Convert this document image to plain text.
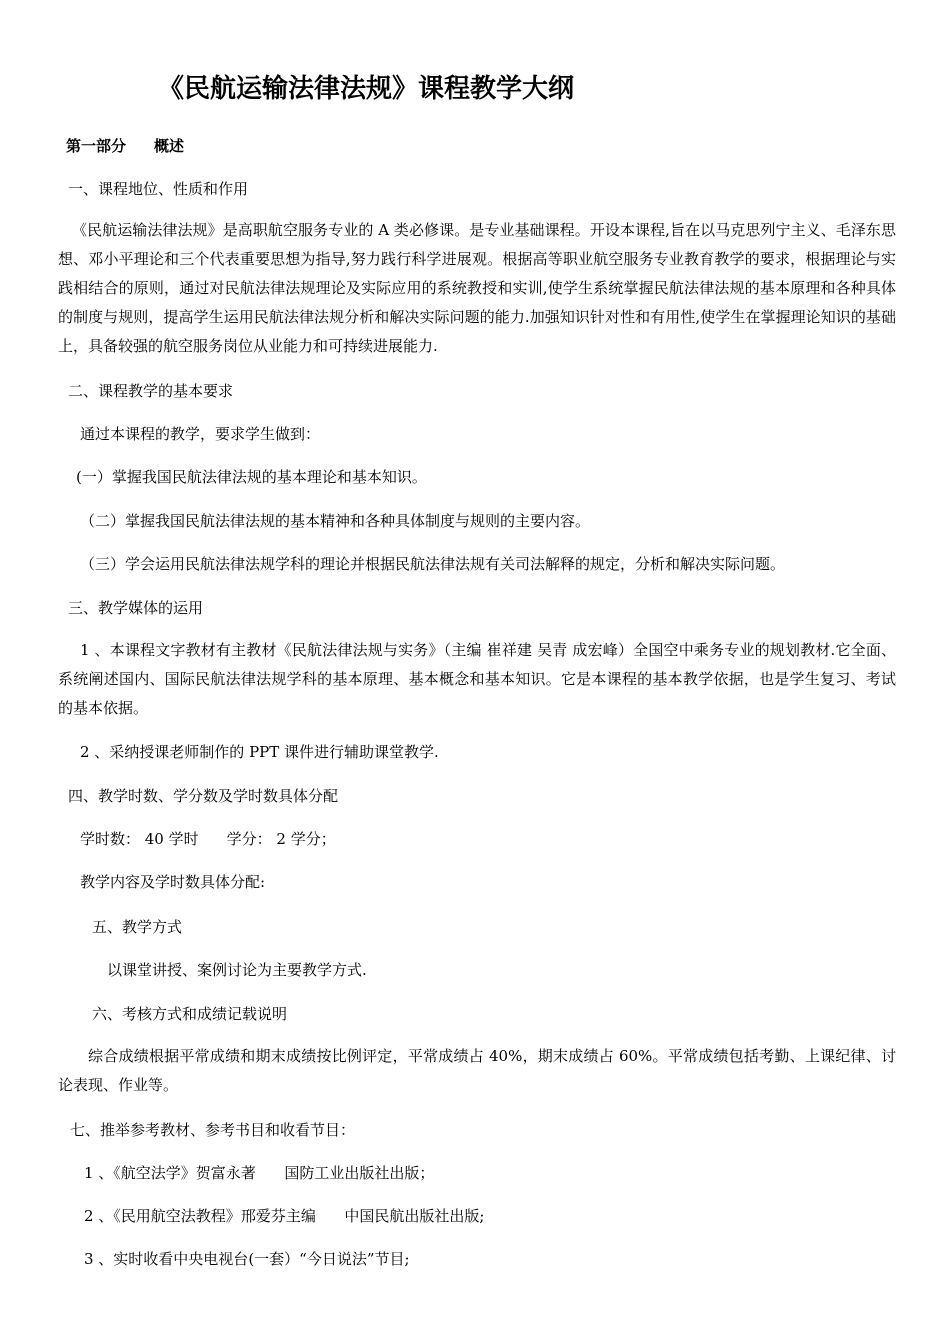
《民航运输法律法规》课程教学大纲
第一部分 概述
一、课程地位、性质和作用
《民航运输法律法规》是高职航空服务专业的 A 类必修课。是专业基础课程。开设本课程,旨在以马克思列宁主义、毛泽东思想、邓小平理论和三个代表重要思想为指导,努力践行科学进展观。根据高等职业航空服务专业教育教学的要求，根据理论与实践相结合的原则，通过对民航法律法规理论及实际应用的系统教授和实训,使学生系统掌握民航法律法规的基本原理和各种具体的制度与规则，提高学生运用民航法律法规分析和解决实际问题的能力.加强知识针对性和有用性,使学生在掌握理论知识的基础上，具备较强的航空服务岗位从业能力和可持续进展能力.
二、课程教学的基本要求
通过本课程的教学，要求学生做到：
(一）掌握我国民航法律法规的基本理论和基本知识。
（二）掌握我国民航法律法规的基本精神和各种具体制度与规则的主要内容。
（三）学会运用民航法律法规学科的理论并根据民航法律法规有关司法解释的规定，分析和解决实际问题。
三、教学媒体的运用
1 、本课程文字教材有主教材《民航法律法规与实务》（主编 崔祥建 吴青 成宏峰）全国空中乘务专业的规划教材.它全面、系统阐述国内、国际民航法律法规学科的基本原理、基本概念和基本知识。它是本课程的基本教学依据，也是学生复习、考试的基本依据。
2 、采纳授课老师制作的 PPT 课件进行辅助课堂教学.
四、教学时数、学分数及学时数具体分配
学时数： 40 学时 学分： 2 学分；
教学内容及学时数具体分配:
五、教学方式
以课堂讲授、案例讨论为主要教学方式.
六、考核方式和成绩记载说明
综合成绩根据平常成绩和期末成绩按比例评定，平常成绩占 40%，期末成绩占 60%。平常成绩包括考勤、上课纪律、讨论表现、作业等。
七、推举参考教材、参考书目和收看节目：
1 、《航空法学》贺富永著      国防工业出版社出版；
2 、《民用航空法教程》邢爱芬主编      中国民航出版社出版;
3 、实时收看中央电视台(一套）“今日说法”节目;
